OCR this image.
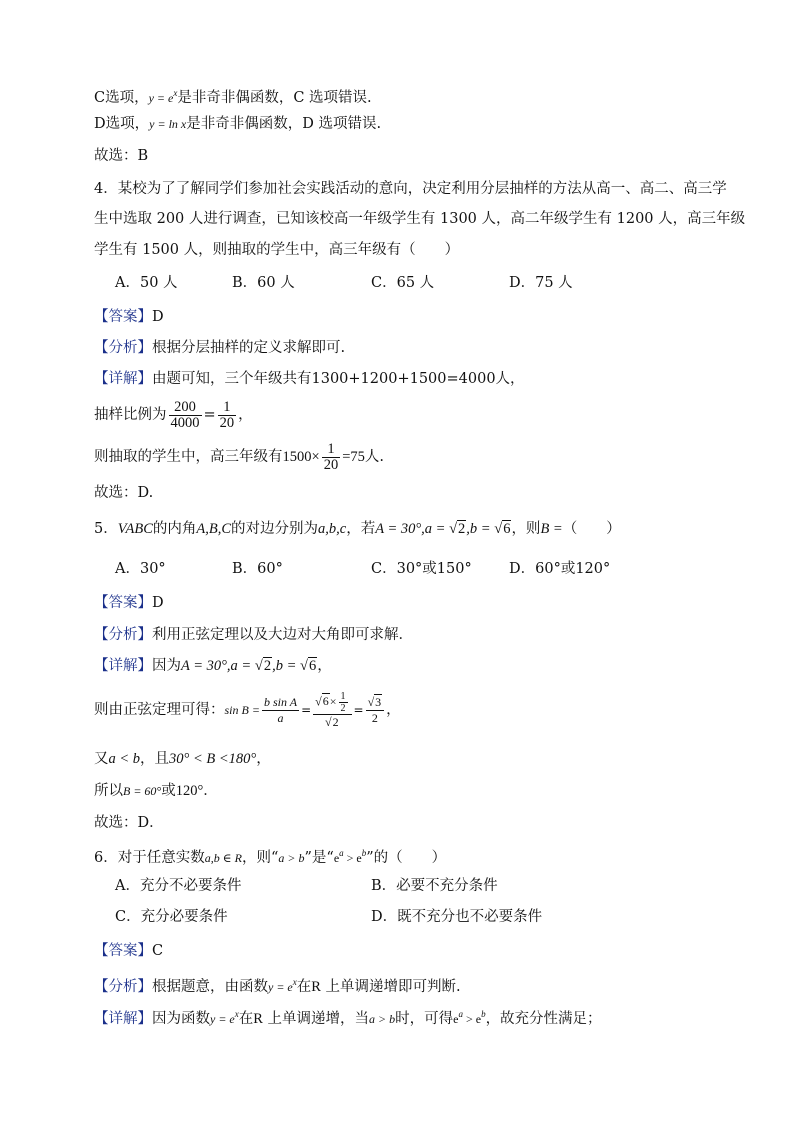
C选项，$y = e^x$是非奇非偶函数，C 选项错误.
D选项，y = ln x是非奇非偶函数，D 选项错误.
故选：B
4．某校为了了解同学们参加社会实践活动的意向，决定利用分层抽样的方法从高一、高二、高三学
生中选取 200 人进行调查，已知该校高一年级学生有 1300 人，高二年级学生有 1200 人，高三年级
学生有 1500 人，则抽取的学生中，高三年级有（　　）
A．50 人	B．60 人	C．65 人	D．75 人
【答案】D
【分析】根据分层抽样的定义求解即可.
【详解】由题可知，三个年级共有1300+1200+1500=4000人，
抽样比例为 $\frac{200}{4000} = \frac{1}{20}$ ，
则抽取的学生中，高三年级有$1500\times \frac{1}{20} =75$人.
故选：D.
5．VABC的内角A,B,C的对边分别为a,b,c，若A = 30°,a = √2,b = √6，则B =（　　）
A．30°	B．60°	C．30°或150°	D．60°或120°
【答案】D
【分析】利用正弦定理以及大边对大角即可求解．
【详解】因为A = 30°,a = √2,b = √6，
则由正弦定理可得：$\sin B = \frac{\text{b sin A}}{a} = \frac{√6\times \frac{1}{2}}{√2} = \frac{√3}{2}$ ，
又a < b，且30° < B <180°，
所以B = 60°或120°．
故选：D．
6．对于任意实数a,b ∈ R，则“a > b”是“$e^a > e^b$”的（　　）
A．充分不必要条件	B．必要不充分条件
C．充分必要条件	D．既不充分也不必要条件
【答案】C
【分析】根据题意，由函数$y = e^x$在R 上单调递增即可判断.
【详解】因为函数$y = e^x$在R 上单调递增，当a > b时，可得$e^a > e^b$，故充分性满足；
